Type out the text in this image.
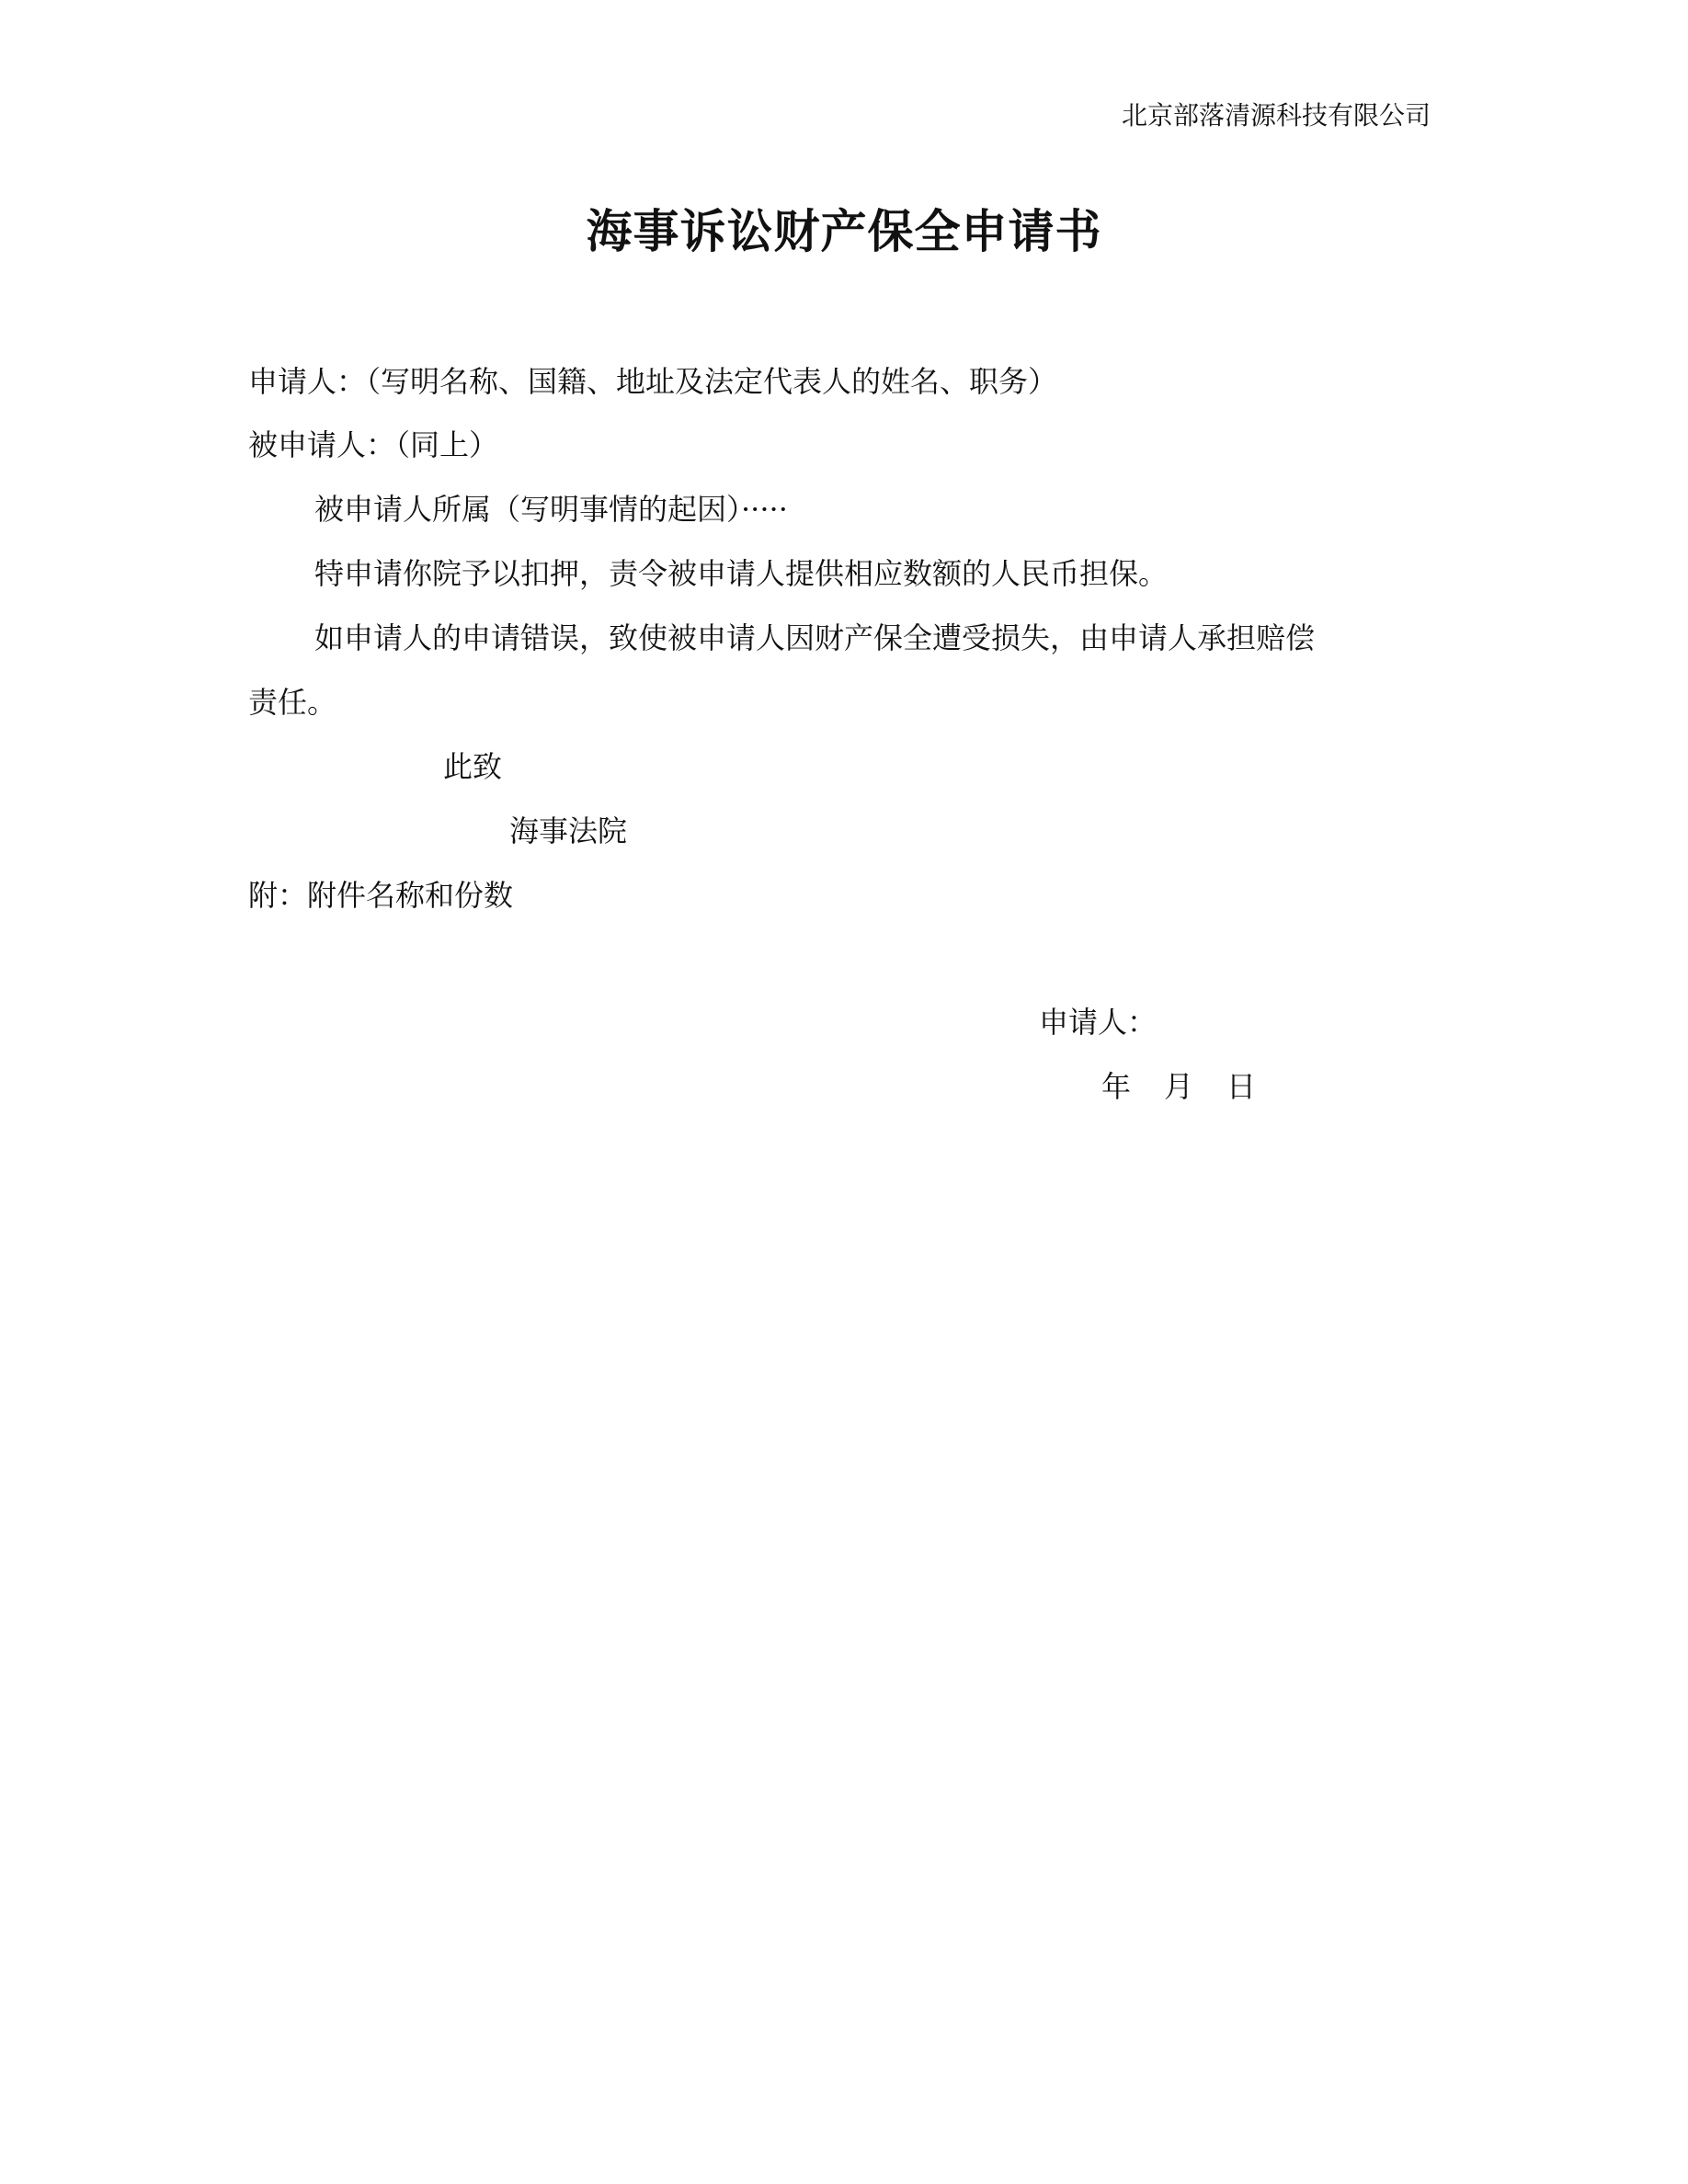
北京部落清源科技有限公司
海事诉讼财产保全申请书
申请人：（写明名称、国籍、地址及法定代表人的姓名、职务）
被申请人：（同上）
被申请人所属（写明事情的起因）·····
特申请你院予以扣押，责令被申请人提供相应数额的人民币担保。
如申请人的申请错误，致使被申请人因财产保全遭受损失，由申请人承担赔偿
责任。
此致
海事法院
附：附件名称和份数
申请人：
年 月 日
